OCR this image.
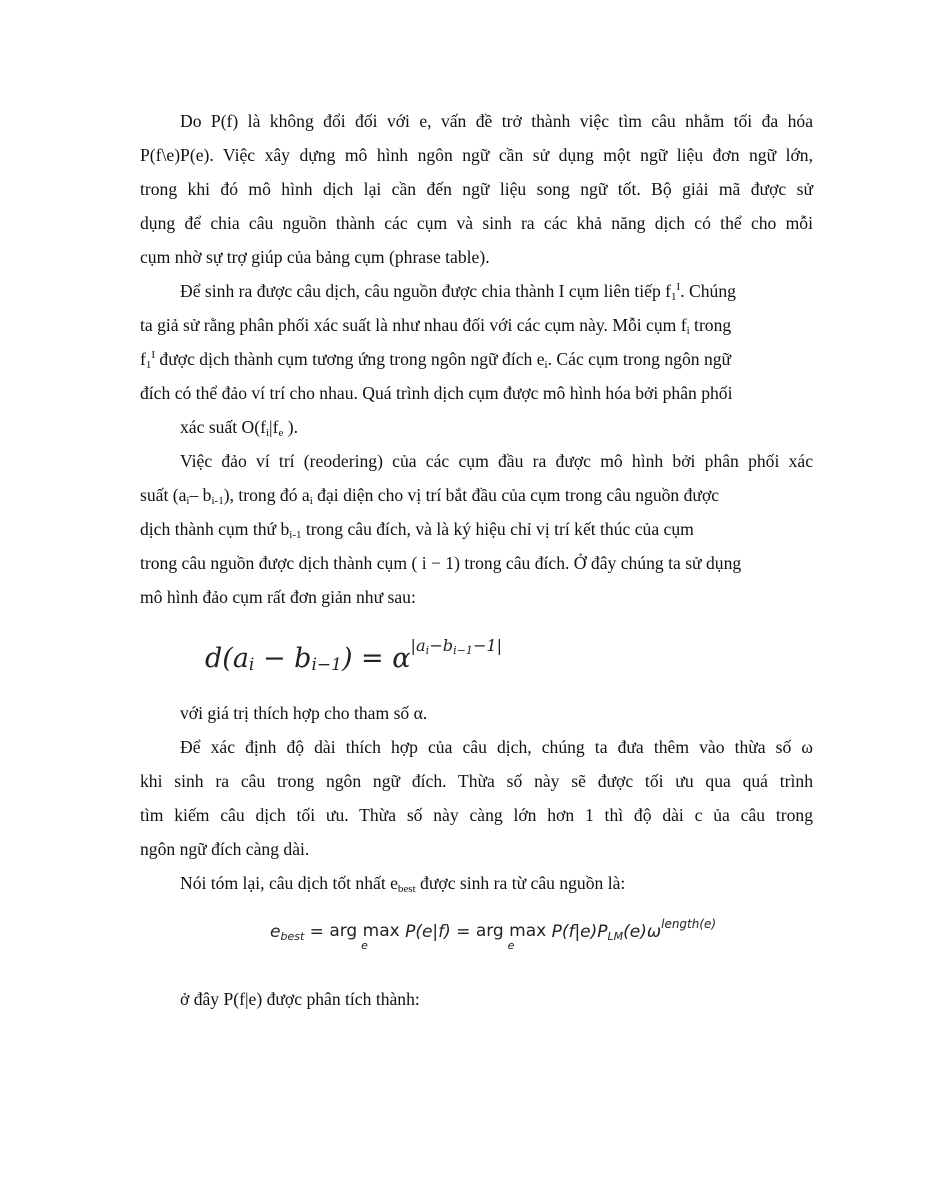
Do P(f) là không đổi đối với e, vấn đề trở thành việc tìm câu nhằm tối đa hóa
P(f\e)P(e). Việc xây dựng mô hình ngôn ngữ cần sử dụng một ngữ liệu đơn ngữ lớn,
trong khi đó mô hình dịch lại cần đến ngữ liệu song ngữ tốt. Bộ giải mã được sử
dụng để chia câu nguồn thành các cụm và sinh ra các khả năng dịch có thể cho mỗi
cụm nhờ sự trợ giúp của bảng cụm (phrase table).
Để sinh ra được câu dịch, câu nguồn được chia thành I cụm liên tiếp $f_1^I$. Chúng
ta giả sử rằng phân phối xác suất là như nhau đối với các cụm này. Mỗi cụm $f_i$ trong
$f_1^I$ được dịch thành cụm tương ứng trong ngôn ngữ đích $e_i$. Các cụm trong ngôn ngữ
đích có thể đảo ví trí cho nhau. Quá trình dịch cụm được mô hình hóa bởi phân phối
xác suất $O(f_i|f_e$ ).
Việc đảo ví trí (reodering) của các cụm đầu ra được mô hình bởi phân phối xác
suất ($a_i-$ $b_{i-1}$), trong đó $a_i$ đại diện cho vị trí bắt đầu của cụm trong câu nguồn được
dịch thành cụm thứ $b_{i-1}$ trong câu đích, và là ký hiệu chỉ vị trí kết thúc của cụm
trong câu nguồn được dịch thành cụm ( i − 1) trong câu đích. Ở đây chúng ta sử dụng
mô hình đảo cụm rất đơn giản như sau:
$d(a_i - b_{i-1}) = \alpha^{|a_i-b_{i-1}-1|}$
với giá trị thích hợp cho tham số α.
Để xác định độ dài thích hợp của câu dịch, chúng ta đưa thêm vào thừa số ω
khi sinh ra câu trong ngôn ngữ đích. Thừa số này sẽ được tối ưu qua quá trình
tìm kiếm câu dịch tối ưu. Thừa số này càng lớn hơn 1 thì độ dài c ủa câu trong
ngôn ngữ đích càng dài.
Nói tóm lại, câu dịch tốt nhất $e_{best}$ được sinh ra từ câu nguồn là:
$e_{best}$ = arg max
e
P(e|f) = arg max
e
$P(f|e)P_{LM}(e)\omega^{length(e)}$
ở đây P(f|e) được phân tích thành:
